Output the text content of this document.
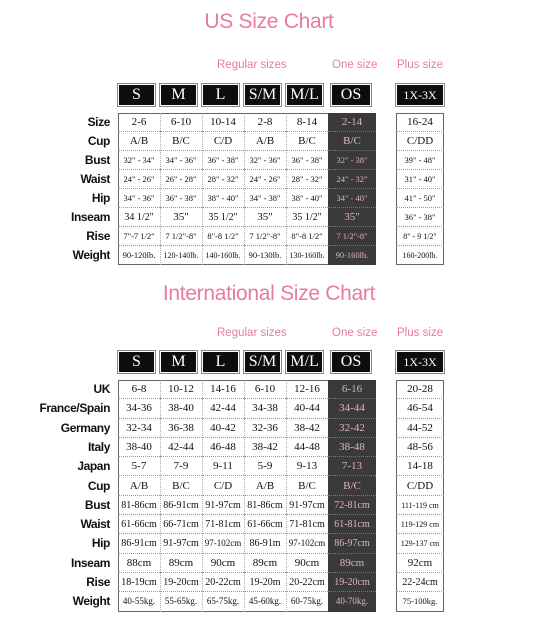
US Size Chart
Regular sizes	One size Plus size
S	M	L	S/M M/L	OS	1X-3X
Size	2-6	6-10	10-14	2-8	8-14	2-14	16-24
Cup	A/B	B/C	C/D	A/B	B/C	B/C	C/DD
Bust	32" - 34"	34" - 36"	36" - 38"	32" - 36"	36" - 38"	32" - 38"	39" - 48"
Waist	24" - 26"	26" - 28"	28" - 32"	24" - 26"	28" - 32"	24" - 32"	31" - 40"
Hip	34" - 36"	36" - 38"	38" - 40"	34" - 38"	38" - 40"	34" - 40"	41" - 50"
Inseam	34 1/2"	35"	35 1/2"	35"	35 1/2"	35"	36" - 38"
Rise	7"-7 1/2"	7 1/2"-8"	8"-8 1/2"	7 1/2"-8"	8"-8 1/2"	7 1/2"-8"	8" - 9 1/2"
Weight	90-120lb.	120-140lb. 140-160lb. 90-130lb.	130-160lb.	90-160lb.	160-200lb.
International Size Chart
Regular sizes	One size Plus size
S	M	L	S/M M/L	OS	1X-3X
UK	6-8	10-12	14-16	6-10	12-16	6-16	20-28
France/Spain	34-36	38-40	42-44	34-38	40-44	34-44	46-54
Germany	32-34	36-38	40-42	32-36	38-42	32-42	44-52
Italy	38-40	42-44	46-48	38-42	44-48	38-48	48-56
Japan	5-7	7-9	9-11	5-9	9-13	7-13	14-18
Cup	A/B	B/C	C/D	A/B	B/C	B/C	C/DD
Bust	81-86cm 86-91cm 91-97cm 81-86cm 91-97cm 72-81cm	111-119 cm
Waist	61-66cm 66-71cm 71-81cm 61-66cm 71-81cm 61-81cm	119-129 cm
Hip	86-91cm 91-97cm 97-102cm 86-91m 97-102cm 86-97cm	129-137 cm
Inseam	88cm	89cm	90cm	89cm	90cm	89cm	92cm
Rise	18-19cm 19-20cm 20-22cm 19-20m 20-22cm 19-20cm	22-24cm
Weight	40-55kg.	55-65kg.	65-75kg.	45-60kg.	60-75kg.	40-70kg.	75-100kg.
